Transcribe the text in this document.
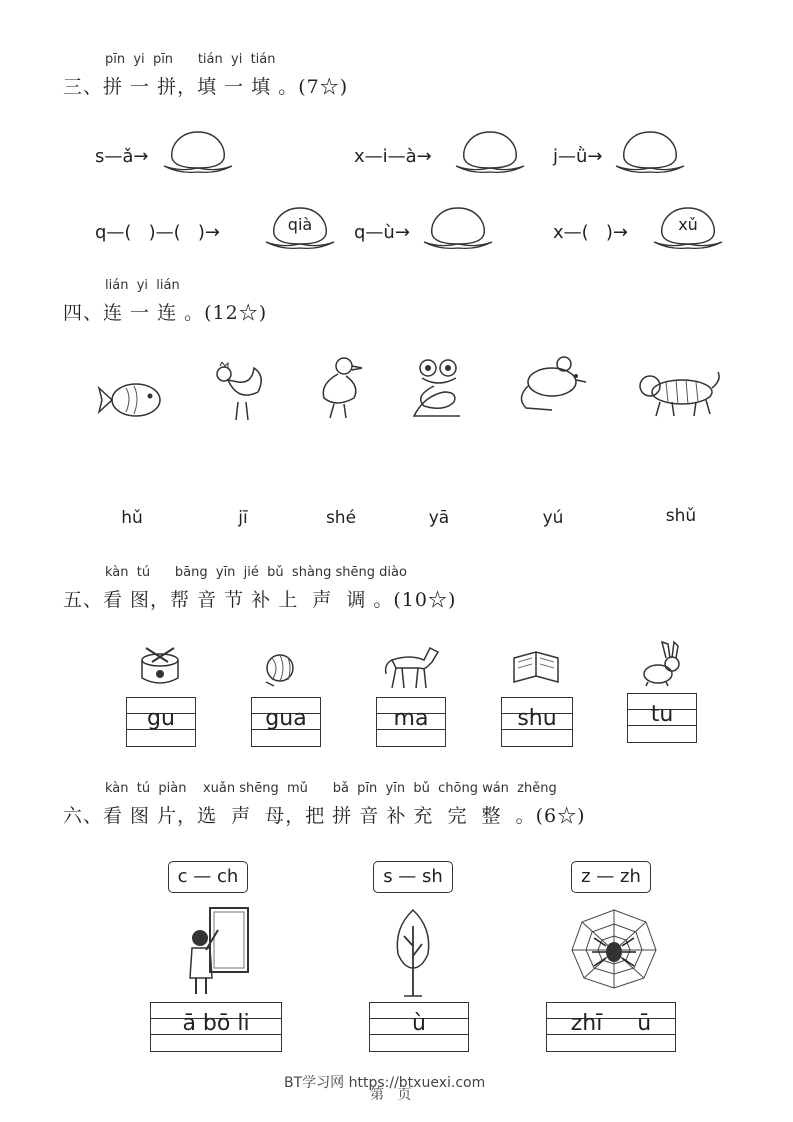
pīn  yi  pīn      tián  yi  tián
三、拼 一 拼，填 一 填 。(7☆)
s—ǎ→	x—i—à→	j—ǜ→
q—(   )—(   )→	qià	q—ù→	x—(   )→	xǔ
lián  yi  lián
四、连 一 连 。(12☆)
hǔ	jī	shé	yā	yú	shǔ
kàn  tú      bāng  yīn  jié  bǔ  shàng shēng diào
五、看 图，帮 音 节 补 上  声  调 。(10☆)
gu	gua	ma	shu	tu
kàn  tú  piàn    xuǎn shēng  mǔ      bǎ  pīn  yīn  bǔ  chōng wán  zhěng
六、看 图 片，选  声  母，把 拼 音 补 充  完  整  。(6☆)
c — ch	s — sh	z — zh
ā bō li	ù	zhī     ū
BT学习网 https://btxuexi.com
第   页
